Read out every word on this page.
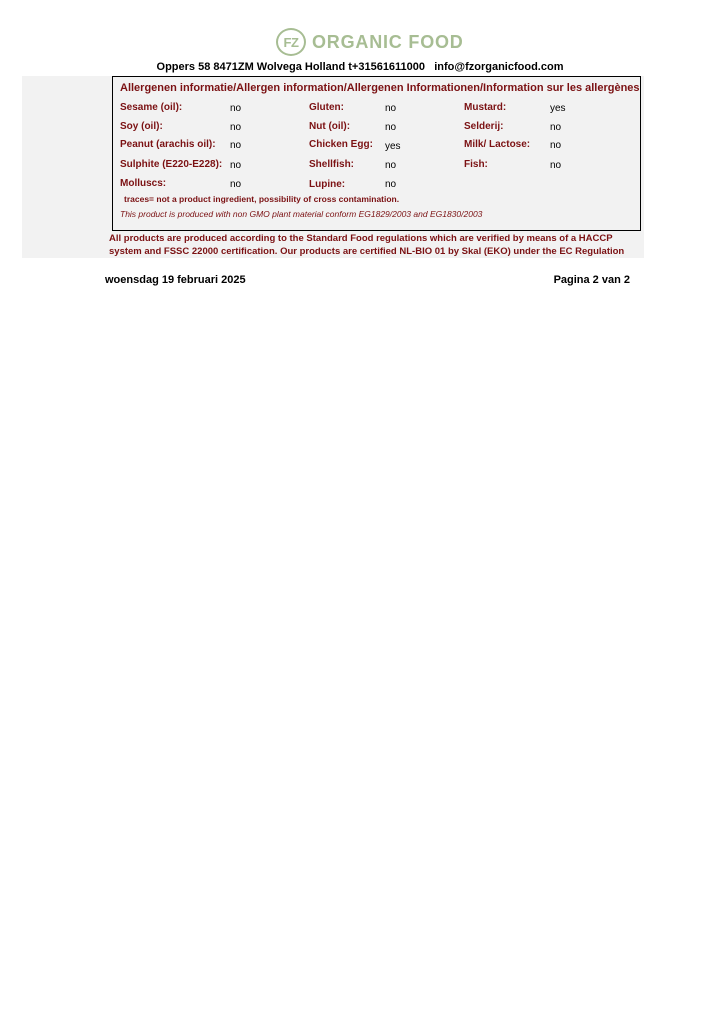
FZ ORGANIC FOOD
Oppers 58 8471ZM Wolvega Holland t+31561611000   info@fzorganicfood.com
Allergenen informatie/Allergen information/Allergenen Informationen/Information sur les allergènes
Sesame (oil):	no	Gluten:	no	Mustard:	yes
Soy (oil):	no	Nut (oil):	no	Selderij:	no
Peanut (arachis oil): no	Chicken Egg: yes	Milk/ Lactose: no
Sulphite (E220-E228): no	Shellfish:	no	Fish:	no
Molluscs:	no	Lupine:	no
traces= not a product ingredient, possibility of cross contamination.
This product is produced with non GMO plant material conform EG1829/2003 and EG1830/2003
All products are produced according to the Standard Food regulations which are verified by means of a HACCP
system and FSSC 22000 certification. Our products are certified NL-BIO 01 by Skal (EKO) under the EC Regulation
woensdag 19 februari 2025	Pagina 2 van 2
